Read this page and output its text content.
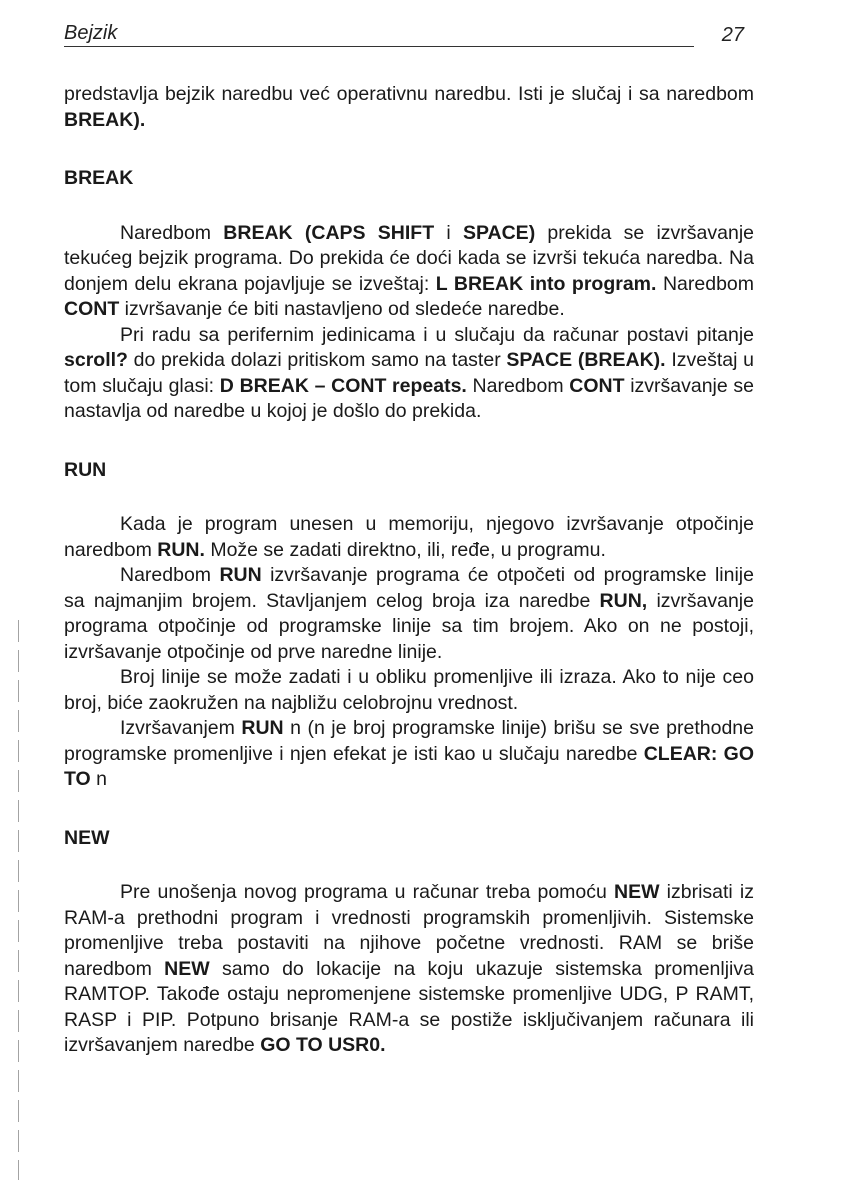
Bejzik	27

predstavlja bejzik naredbu već operativnu naredbu. Isti je slučaj i sa naredbom BREAK).

BREAK

Naredbom BREAK (CAPS SHIFT i SPACE) prekida se izvršavanje tekućeg bejzik programa. Do prekida će doći kada se izvrši tekuća naredba. Na donjem delu ekrana pojavljuje se izveštaj: L BREAK into program. Naredbom CONT izvršavanje će biti nastavljeno od sledeće naredbe.

Pri radu sa perifernim jedinicama i u slučaju da računar postavi pitanje scroll? do prekida dolazi pritiskom samo na taster SPACE (BREAK). Izveštaj u tom slučaju glasi: D BREAK – CONT repeats. Naredbom CONT izvršavanje se nastavlja od naredbe u kojoj je došlo do prekida.

RUN

Kada je program unesen u memoriju, njegovo izvršavanje otpočinje naredbom RUN. Može se zadati direktno, ili, ređe, u programu.

Naredbom RUN izvršavanje programa će otpočeti od programske linije sa najmanjim brojem. Stavljanjem celog broja iza naredbe RUN, izvršavanje programa otpočinje od programske linije sa tim brojem. Ako on ne postoji, izvršavanje otpočinje od prve naredne linije.

Broj linije se može zadati i u obliku promenljive ili izraza. Ako to nije ceo broj, biće zaokružen na najbližu celobrojnu vrednost.

Izvršavanjem RUN n (n je broj programske linije) brišu se sve prethodne programske promenljive i njen efekat je isti kao u slučaju naredbe CLEAR: GO TO n

NEW

Pre unošenja novog programa u računar treba pomoću NEW izbrisati iz RAM-a prethodni program i vrednosti programskih promenljivih. Sistemske promenljive treba postaviti na njihove početne vrednosti. RAM se briše naredbom NEW samo do lokacije na koju ukazuje sistemska promenljiva RAMTOP. Takođe ostaju nepromenjene sistemske promenljive UDG, P RAMT, RASP i PIP. Potpuno brisanje RAM-a se postiže isključivanjem računara ili izvršavanjem naredbe GO TO USR0.
